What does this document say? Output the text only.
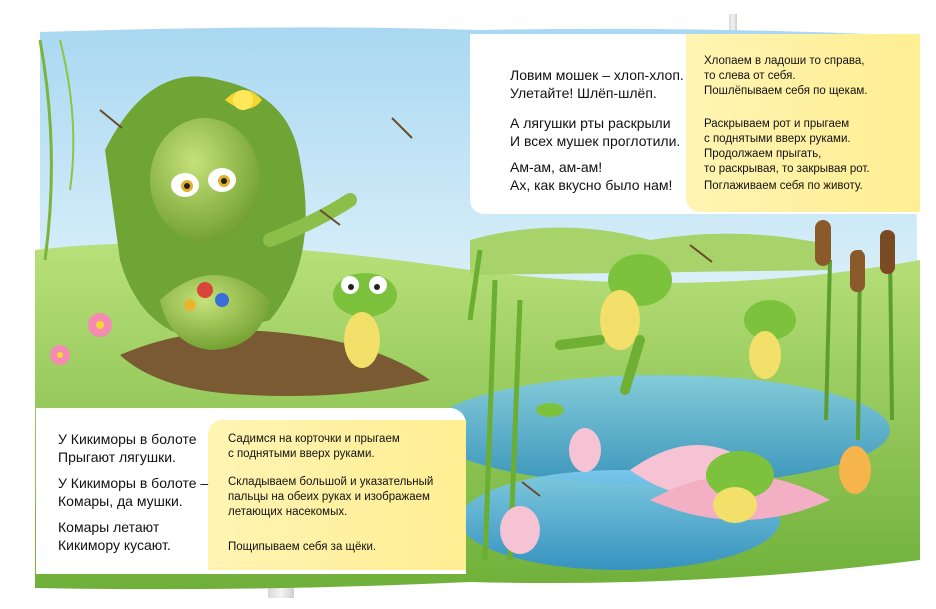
Ловим мошек – хлоп-хлоп.
Улетайте! Шлёп-шлёп.
А лягушки рты раскрыли
И всех мушек проглотили.
Ам-ам, ам-ам!
Ах, как вкусно было нам!
Хлопаем в ладоши то справа,
то слева от себя.
Пошлёпываем себя по щекам.
Раскрываем рот и прыгаем
с поднятыми вверх руками.
Продолжаем прыгать,
то раскрывая, то закрывая рот.
Поглаживаем себя по животу.
У Кикиморы в болоте
Прыгают лягушки.
У Кикиморы в болоте –
Комары, да мушки.
Комары летают
Кикимору кусают.
Садимся на корточки и прыгаем
с поднятыми вверх руками.
Складываем большой и указательный
пальцы на обеих руках и изображаем
летающих насекомых.
Пощипываем себя за щёки.
